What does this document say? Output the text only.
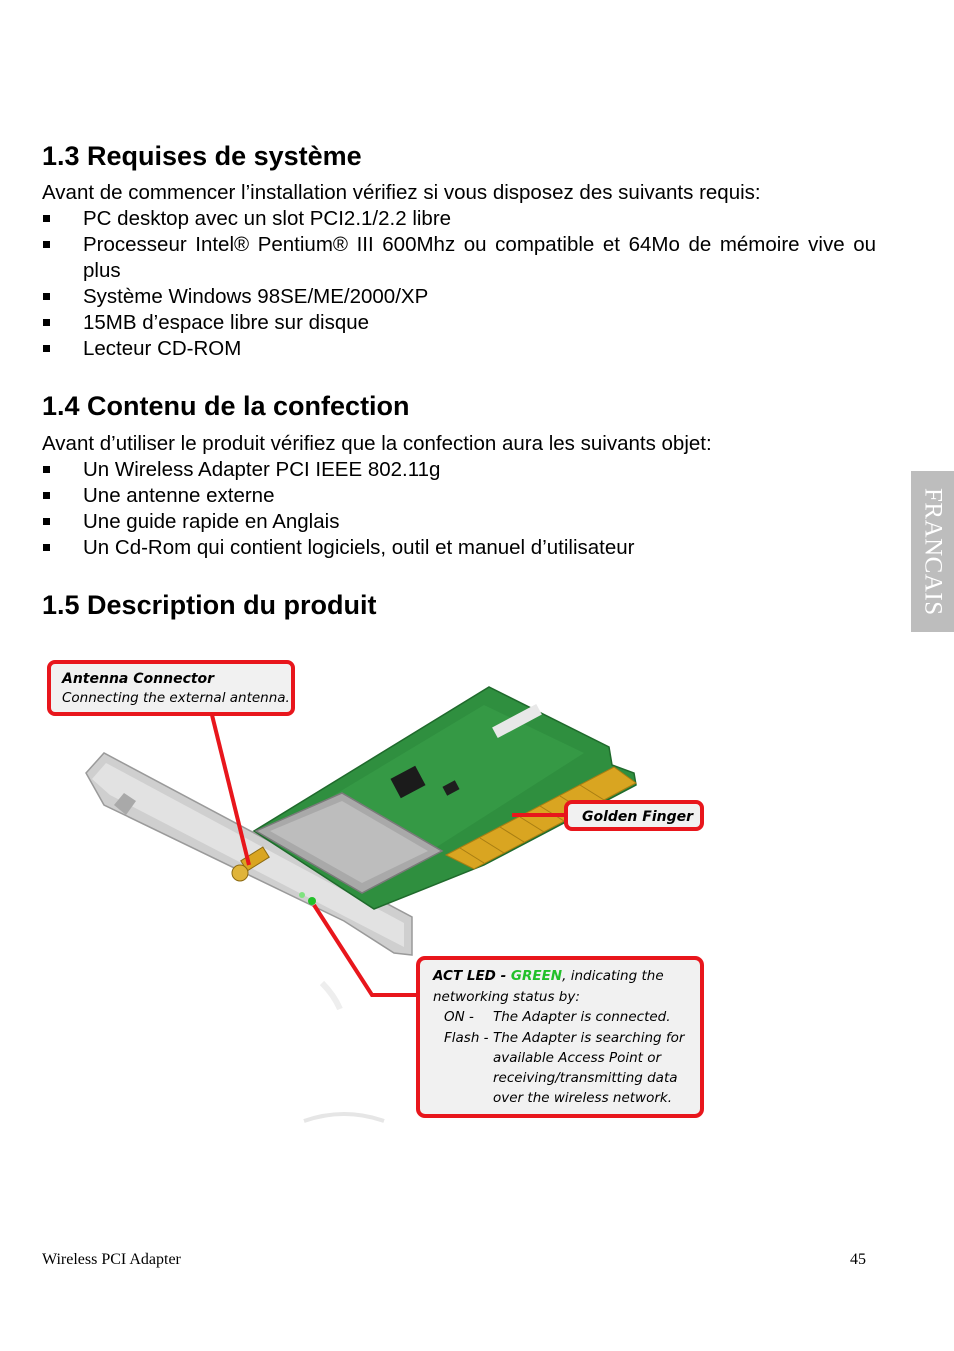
1.3 Requises de système

Avant de commencer l’installation vérifiez si vous disposez des suivants requis:

PC desktop avec un slot PCI2.1/2.2 libre
Processeur Intel® Pentium® III 600Mhz ou compatible et 64Mo de mémoire vive ou plus
Système Windows 98SE/ME/2000/XP
15MB d’espace libre sur disque
Lecteur CD-ROM
1.4 Contenu de la confection

Avant d’utiliser le produit vérifiez que la confection aura les suivants objet:

Un Wireless Adapter PCI IEEE 802.11g
Une antenne externe
Une guide rapide en Anglais
Un Cd-Rom qui contient logiciels, outil et manuel d’utilisateur
1.5 Description du produit	FRANCAIS
Antenna Connector
Connecting the external antenna.
Golden Finger
ACT LED - GREEN, indicating the
networking status by:
ON - The Adapter is connected.
Flash - The Adapter is searching for
available Access Point or
receiving/transmitting data
over the wireless network.
Wireless PCI Adapter	45
